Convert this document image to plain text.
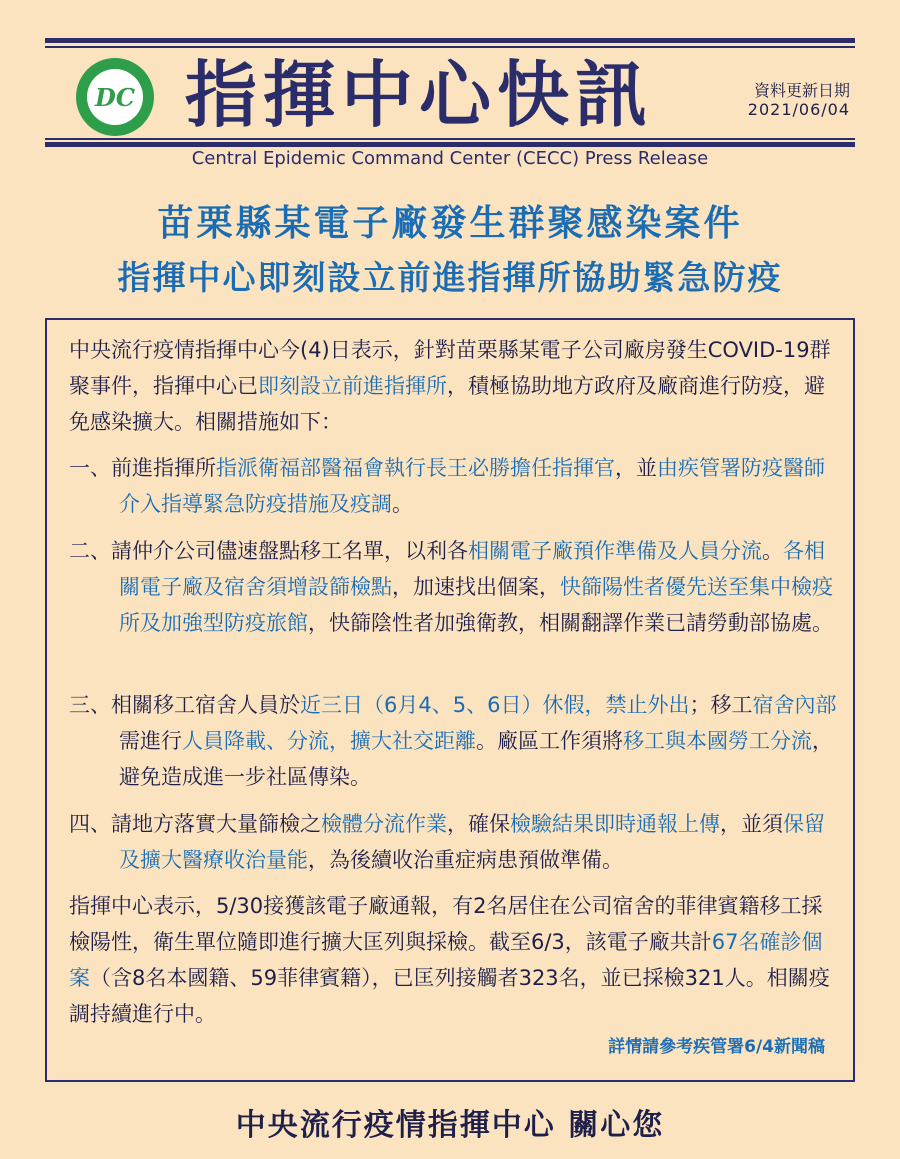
DC 指揮中心快訊	資料更新日期
2021/06/04
Central Epidemic Command Center (CECC) Press Release
苗栗縣某電子廠發生群聚感染案件
指揮中心即刻設立前進指揮所協助緊急防疫

中央流行疫情指揮中心今(4)日表示，針對苗栗縣某電子公司廠房發生COVID-19群聚事件，指揮中心已即刻設立前進指揮所，積極協助地方政府及廠商進行防疫，避免感染擴大。相關措施如下：

一、前進指揮所指派衛福部醫福會執行長王必勝擔任指揮官，並由疾管署防疫醫師介入指導緊急防疫措施及疫調。

二、請仲介公司儘速盤點移工名單，以利各相關電子廠預作準備及人員分流。各相關電子廠及宿舍須增設篩檢點，加速找出個案，快篩陽性者優先送至集中檢疫所及加強型防疫旅館，快篩陰性者加強衛教，相關翻譯作業已請勞動部協處。

三、相關移工宿舍人員於近三日（6月4、5、6日）休假，禁止外出；移工宿舍內部需進行人員降載、分流，擴大社交距離。廠區工作須將移工與本國勞工分流，避免造成進一步社區傳染。

四、請地方落實大量篩檢之檢體分流作業，確保檢驗結果即時通報上傳，並須保留及擴大醫療收治量能，為後續收治重症病患預做準備。

指揮中心表示，5/30接獲該電子廠通報，有2名居住在公司宿舍的菲律賓籍移工採檢陽性，衛生單位隨即進行擴大匡列與採檢。截至6/3，該電子廠共計67名確診個案（含8名本國籍、59菲律賓籍），已匡列接觸者323名，並已採檢321人。相關疫調持續進行中。

詳情請參考疾管署6/4新聞稿
中央流行疫情指揮中心 關心您
